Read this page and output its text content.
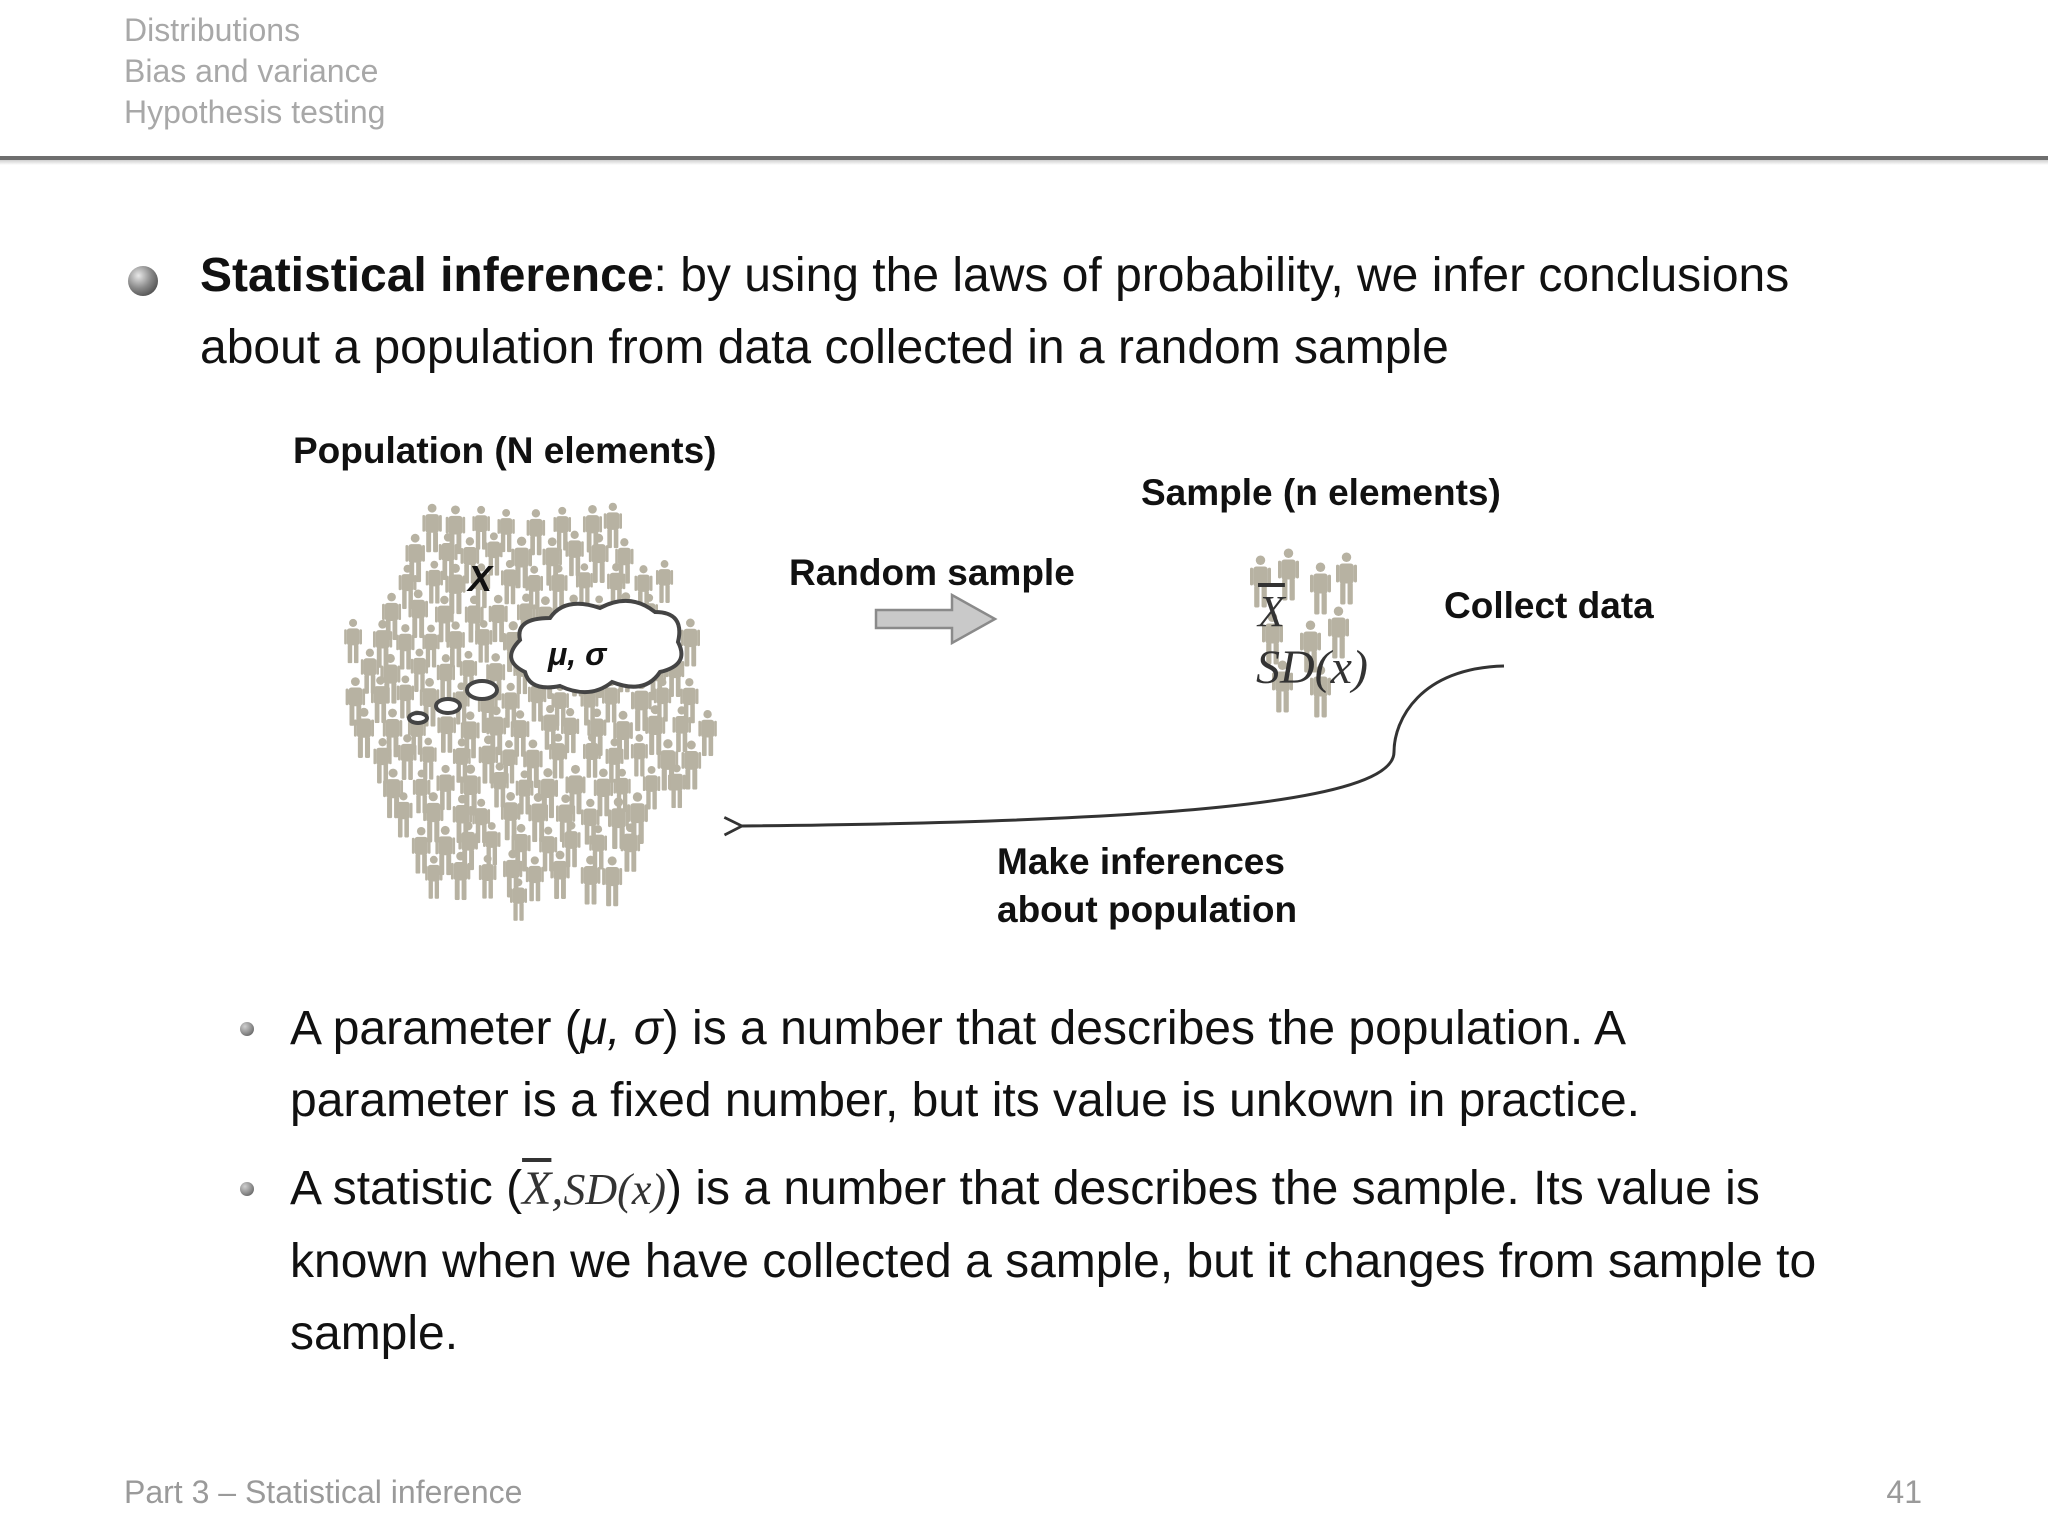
Distributions
Bias and variance
Hypothesis testing
Statistical inference: by using the laws of probability, we infer conclusions
about a population from data collected in a random sample
Population (N elements)
Sample (n elements)
Random sample
Collect data
X
μ, σ
Make inferences
about population
$\overline{X}$
SD(x)
A parameter (μ, σ) is a number that describes the population. A
parameter is a fixed number, but its value is unkown in practice.
A statistic $(\overline{X},SD(x))$ is a number that describes the sample. Its value is
known when we have collected a sample, but it changes from sample to
sample.
Part 3 – Statistical inference	41
